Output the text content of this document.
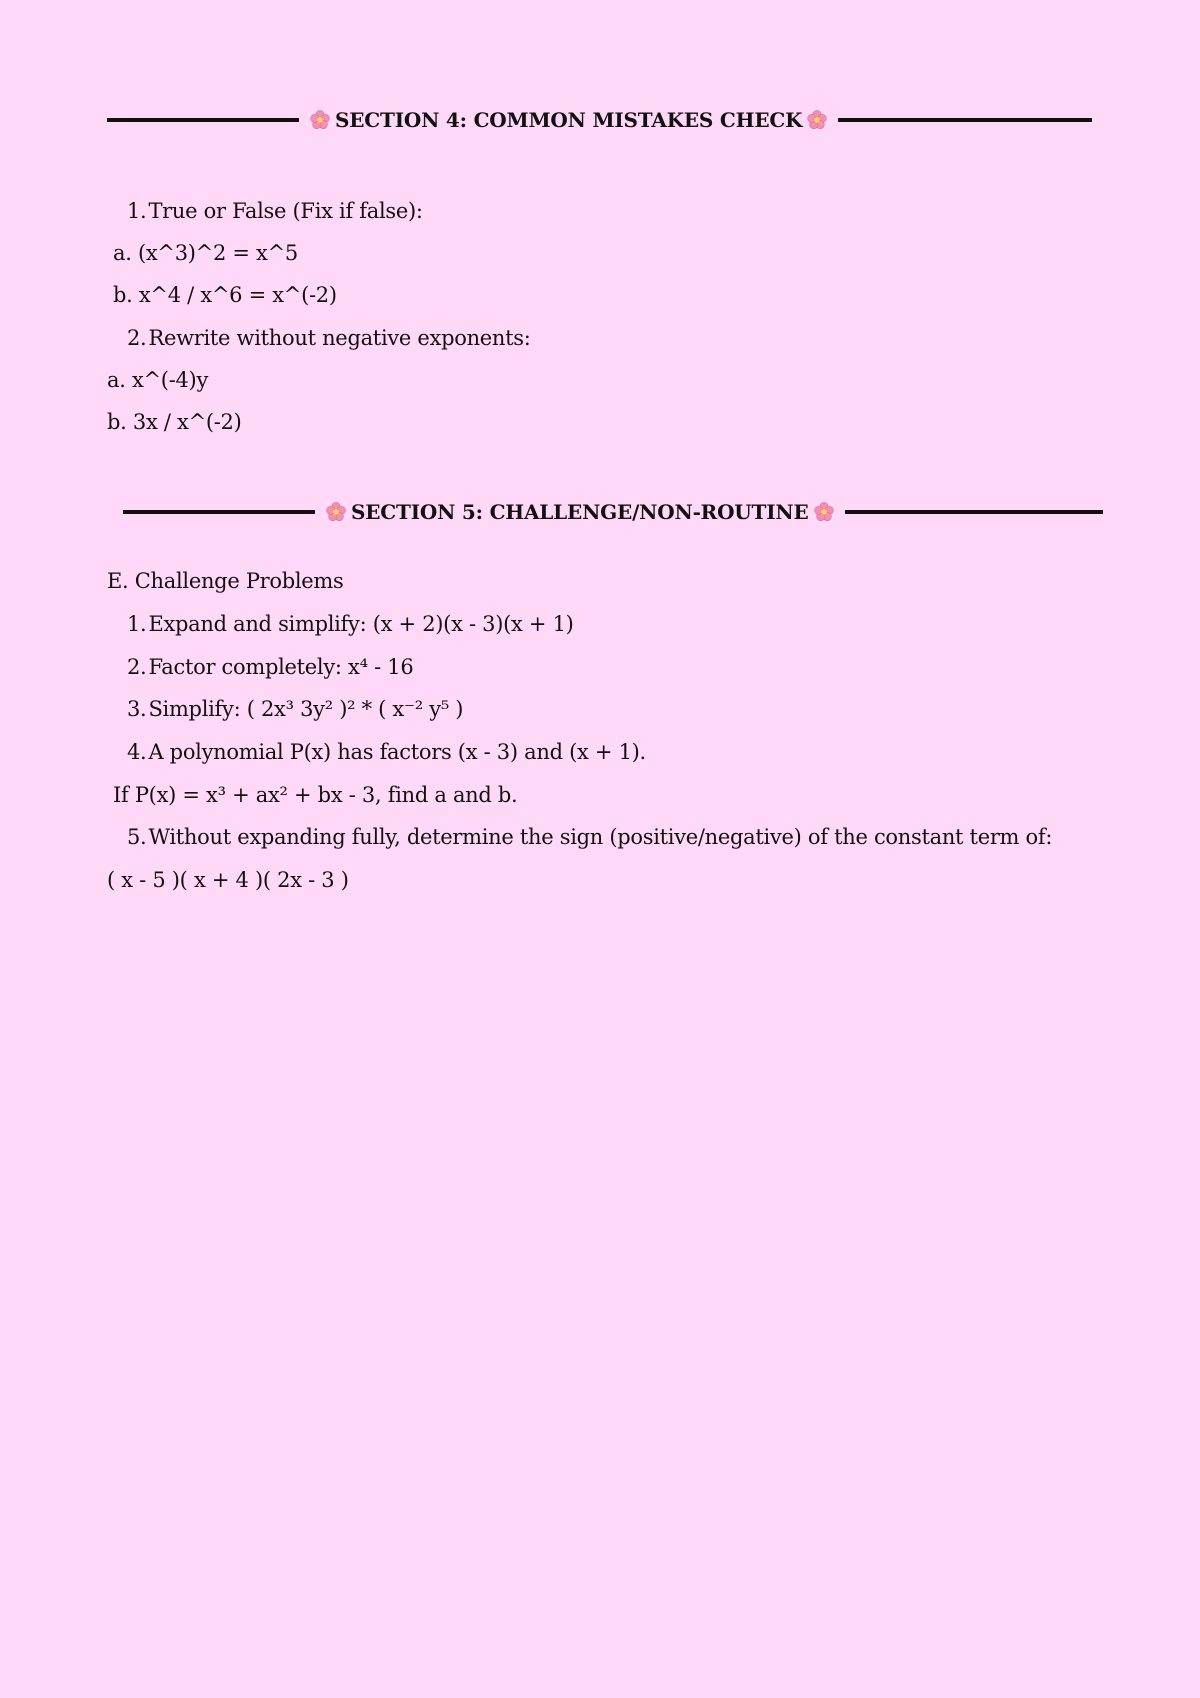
SECTION 4: COMMON MISTAKES CHECK
1.True or False (Fix if false):
a. (x^3)^2 = x^5
b. x^4 / x^6 = x^(-2)
2.Rewrite without negative exponents:
a. x^(-4)y
b. 3x / x^(-2)
SECTION 5: CHALLENGE/NON-ROUTINE
E. Challenge Problems
1.Expand and simplify: (x + 2)(x - 3)(x + 1)
2.Factor completely: x⁴ - 16
3.Simplify: ( 2x³ 3y² )² * ( x⁻² y⁵ )
4.A polynomial P(x) has factors (x - 3) and (x + 1).
If P(x) = x³ + ax² + bx - 3, find a and b.
5.Without expanding fully, determine the sign (positive/negative) of the constant term of:
( x - 5 )( x + 4 )( 2x - 3 )
